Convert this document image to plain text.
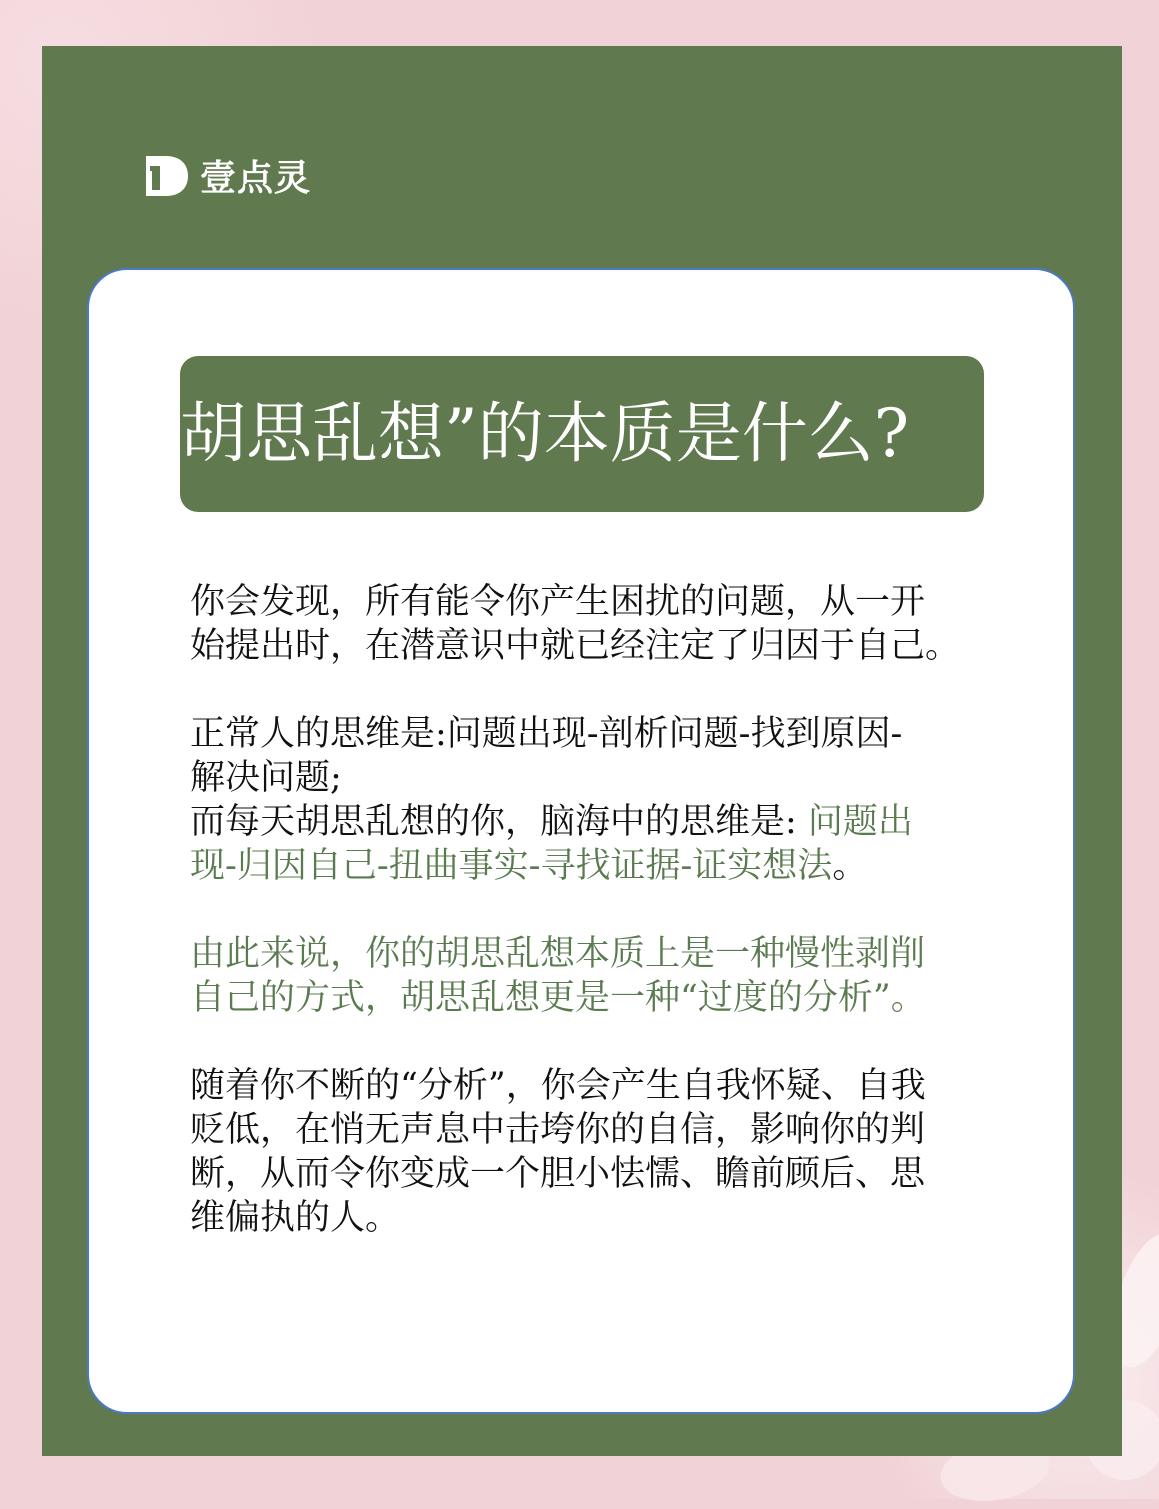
壹点灵
胡思乱想”的本质是什么?

你会发现，所有能令你产生困扰的问题，从一开
始提出时，在潜意识中就已经注定了归因于自己。

正常人的思维是:问题出现-剖析问题-找到原因-
解决问题;
而每天胡思乱想的你，脑海中的思维是: 问题出
现-归因自己-扭曲事实-寻找证据-证实想法。

由此来说，你的胡思乱想本质上是一种慢性剥削
自己的方式，胡思乱想更是一种“过度的分析”。

随着你不断的“分析”，你会产生自我怀疑、自我
贬低，在悄无声息中击垮你的自信，影响你的判
断，从而令你变成一个胆小怯懦、瞻前顾后、思
维偏执的人。
